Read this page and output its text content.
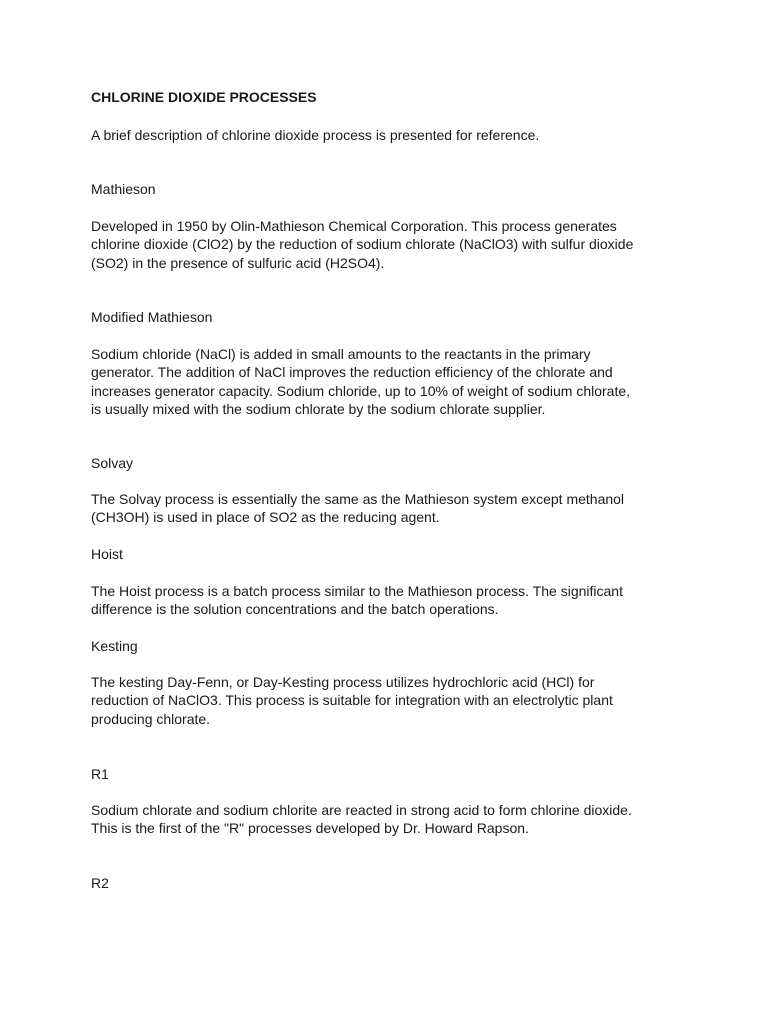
CHLORINE DIOXIDE PROCESSES

A brief description of chlorine dioxide process is presented for reference.

Mathieson

Developed in 1950 by Olin-Mathieson Chemical Corporation. This process generates
chlorine dioxide (ClO2) by the reduction of sodium chlorate (NaClO3) with sulfur dioxide
(SO2) in the presence of sulfuric acid (H2SO4).

Modified Mathieson

Sodium chloride (NaCl) is added in small amounts to the reactants in the primary
generator. The addition of NaCl improves the reduction efficiency of the chlorate and
increases generator capacity. Sodium chloride, up to 10% of weight of sodium chlorate,
is usually mixed with the sodium chlorate by the sodium chlorate supplier.

Solvay

The Solvay process is essentially the same as the Mathieson system except methanol
(CH3OH) is used in place of SO2 as the reducing agent.

Hoist

The Hoist process is a batch process similar to the Mathieson process. The significant
difference is the solution concentrations and the batch operations.

Kesting

The kesting Day-Fenn, or Day-Kesting process utilizes hydrochloric acid (HCl) for
reduction of NaClO3. This process is suitable for integration with an electrolytic plant
producing chlorate.

R1

Sodium chlorate and sodium chlorite are reacted in strong acid to form chlorine dioxide.
This is the first of the "R" processes developed by Dr. Howard Rapson.

R2
